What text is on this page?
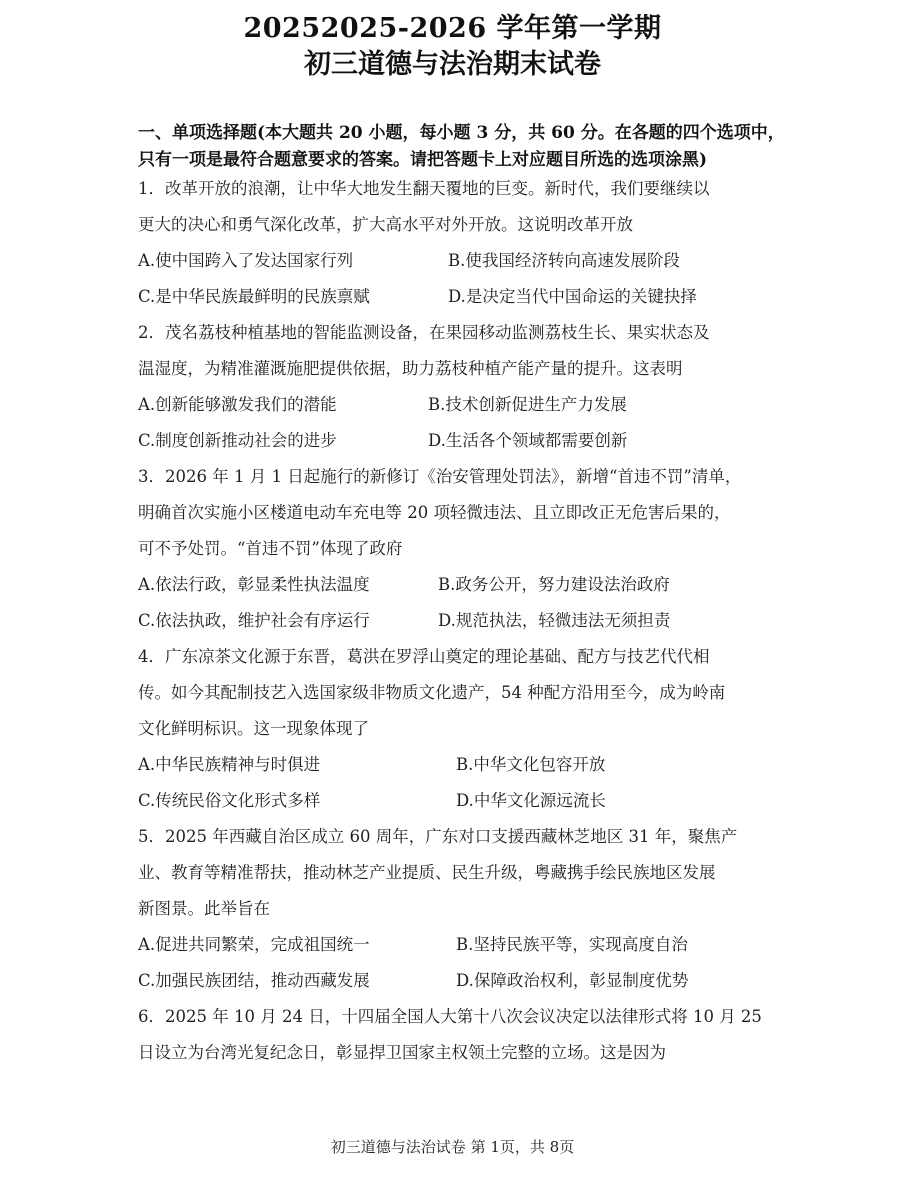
20252025-2026 学年第一学期
初三道德与法治期末试卷
一、单项选择题(本大题共 20 小题，每小题 3 分，共 60 分。在各题的四个选项中， 只有一项是最符合题意要求的答案。请把答题卡上对应题目所选的选项涂黑)
1．改革开放的浪潮，让中华大地发生翻天覆地的巨变。新时代，我们要继续以
更大的决心和勇气深化改革，扩大高水平对外开放。这说明改革开放
A.使中国跨入了发达国家行列	B.使我国经济转向高速发展阶段
C.是中华民族最鲜明的民族禀赋	D.是决定当代中国命运的关键抉择
2．茂名荔枝种植基地的智能监测设备，在果园移动监测荔枝生长、果实状态及
温湿度，为精准灌溉施肥提供依据，助力荔枝种植产能产量的提升。这表明
A.创新能够激发我们的潜能	B.技术创新促进生产力发展
C.制度创新推动社会的进步	D.生活各个领域都需要创新
3．2026 年 1 月 1 日起施行的新修订《治安管理处罚法》，新增“首违不罚”清单，
明确首次实施小区楼道电动车充电等 20 项轻微违法、且立即改正无危害后果的，
可不予处罚。“首违不罚”体现了政府
A.依法行政，彰显柔性执法温度	B.政务公开，努力建设法治政府
C.依法执政，维护社会有序运行	D.规范执法，轻微违法无须担责
4．广东凉茶文化源于东晋，葛洪在罗浮山奠定的理论基础、配方与技艺代代相
传。如今其配制技艺入选国家级非物质文化遗产，54 种配方沿用至今，成为岭南
文化鲜明标识。这一现象体现了
A.中华民族精神与时俱进	B.中华文化包容开放
C.传统民俗文化形式多样	D.中华文化源远流长
5．2025 年西藏自治区成立 60 周年，广东对口支援西藏林芝地区 31 年，聚焦产
业、教育等精准帮扶，推动林芝产业提质、民生升级，粤藏携手绘民族地区发展
新图景。此举旨在
A.促进共同繁荣，完成祖国统一	B.坚持民族平等，实现高度自治
C.加强民族团结，推动西藏发展	D.保障政治权利，彰显制度优势
6．2025 年 10 月 24 日，十四届全国人大第十八次会议决定以法律形式将 10 月 25
日设立为台湾光复纪念日，彰显捍卫国家主权领土完整的立场。这是因为
初三道德与法治试卷 第 1页，共 8页
